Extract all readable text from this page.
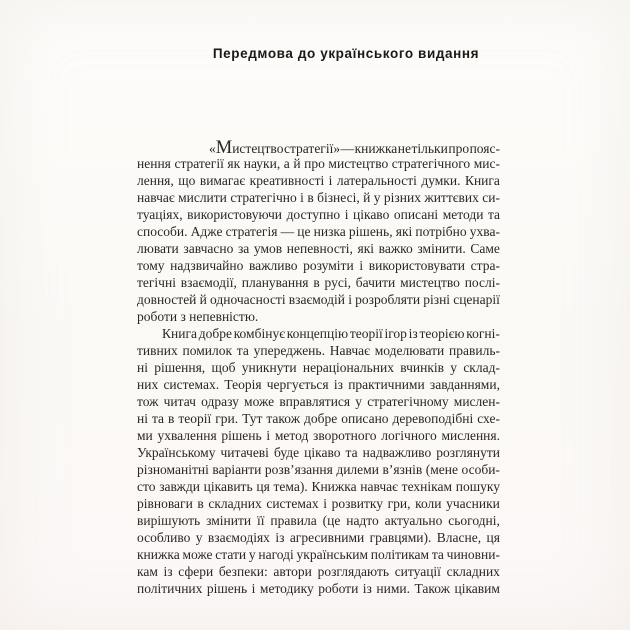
Передмова до українського видання
«Мистецтво стратегії» — книжка не тільки про пояс-
нення стратегії як науки, а й про мистецтво стратегічного мис-
лення, що вимагає креативності і латеральності думки. Книга
навчає мислити стратегічно і в бізнесі, й у різних життєвих си-
туаціях, використовуючи доступно і цікаво описані методи та
способи. Адже стратегія — це низка рішень, які потрібно ухва-
лювати завчасно за умов непевності, які важко змінити. Саме
тому надзвичайно важливо розуміти і використовувати стра-
тегічні взаємодії, планування в русі, бачити мистецтво послі-
довностей й одночасності взаємодій і розробляти різні сценарії
роботи з непевністю.
Книга добре комбінує концепцію теорії ігор із теорією когні-
тивних помилок та упереджень. Навчає моделювати правиль-
ні рішення, щоб уникнути нераціональних вчинків у склад-
них системах. Теорія чергується із практичними завданнями,
тож читач одразу може вправлятися у стратегічному мислен-
ні та в теорії гри. Тут також добре описано деревоподібні схе-
ми ухвалення рішень і метод зворотного логічного мислення.
Українському читачеві буде цікаво та надважливо розглянути
різноманітні варіанти розв’язання дилеми в’язнів (мене особи-
сто завжди цікавить ця тема). Книжка навчає технікам пошуку
рівноваги в складних системах і розвитку гри, коли учасники
вирішують змінити її правила (це надто актуально сьогодні,
особливо у взаємодіях із агресивними гравцями). Власне, ця
книжка може стати у нагоді українським політикам та чиновни-
кам із сфери безпеки: автори розглядають ситуації складних
політичних рішень і методику роботи із ними. Також цікавим
